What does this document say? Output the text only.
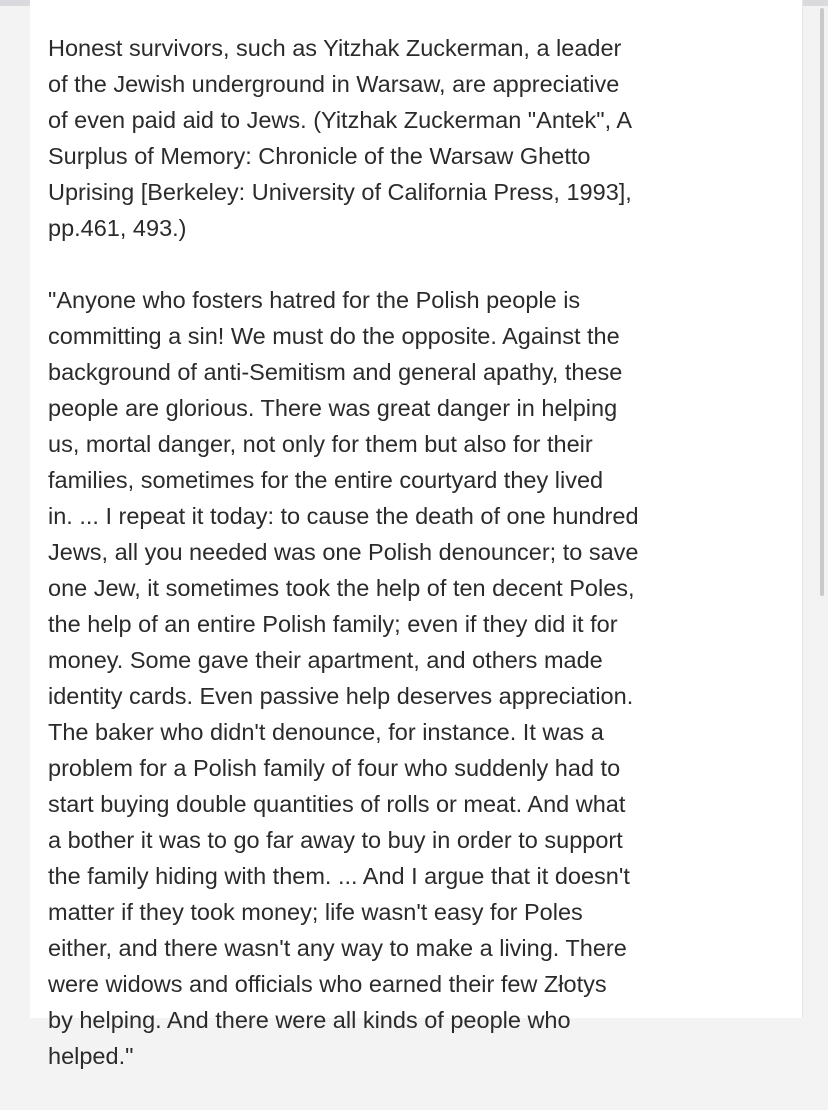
Honest survivors, such as Yitzhak Zuckerman, a leader
of the Jewish underground in Warsaw, are appreciative
of even paid aid to Jews. (Yitzhak Zuckerman "Antek", A
Surplus of Memory: Chronicle of the Warsaw Ghetto
Uprising [Berkeley: University of California Press, 1993],
pp.461, 493.)

"Anyone who fosters hatred for the Polish people is
committing a sin! We must do the opposite. Against the
background of anti-Semitism and general apathy, these
people are glorious. There was great danger in helping
us, mortal danger, not only for them but also for their
families, sometimes for the entire courtyard they lived
in. ... I repeat it today: to cause the death of one hundred
Jews, all you needed was one Polish denouncer; to save
one Jew, it sometimes took the help of ten decent Poles,
the help of an entire Polish family; even if they did it for
money. Some gave their apartment, and others made
identity cards. Even passive help deserves appreciation.
The baker who didn't denounce, for instance. It was a
problem for a Polish family of four who suddenly had to
start buying double quantities of rolls or meat. And what
a bother it was to go far away to buy in order to support
the family hiding with them. ... And I argue that it doesn't
matter if they took money; life wasn't easy for Poles
either, and there wasn't any way to make a living. There
were widows and officials who earned their few Złotys
by helping. And there were all kinds of people who
helped."
